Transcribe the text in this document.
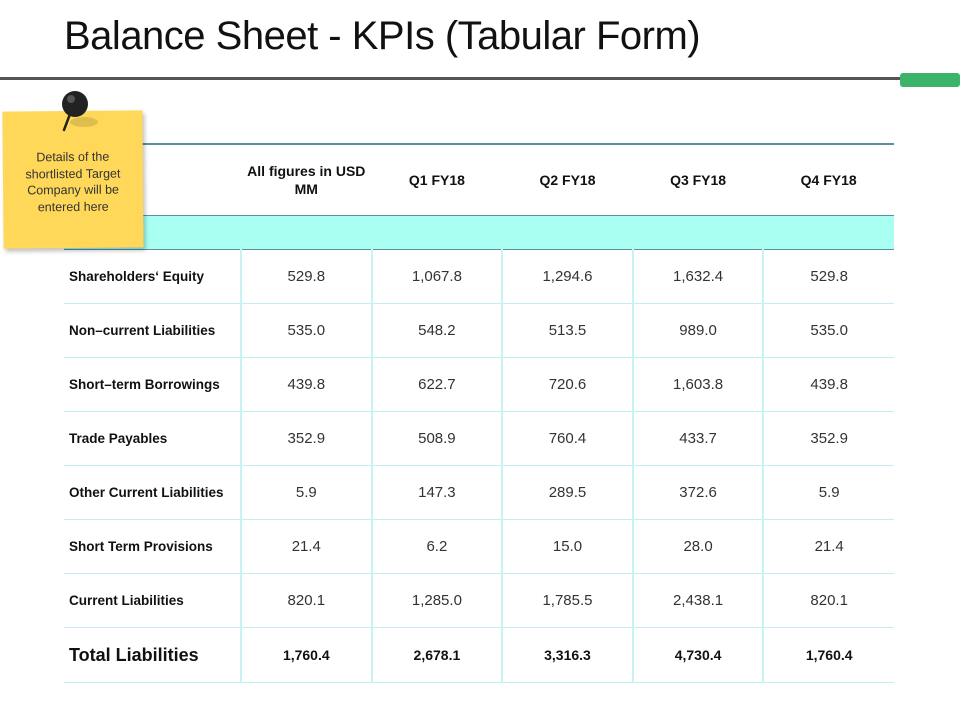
Balance Sheet - KPIs (Tabular Form)
	All figures in USD MM	Q1 FY18	Q2 FY18	Q3 FY18	Q4 FY18

Shareholders‘ Equity	529.8	1,067.8	1,294.6	1,632.4	529.8
Non–current Liabilities	535.0	548.2	513.5	989.0	535.0
Short–term Borrowings	439.8	622.7	720.6	1,603.8	439.8
Trade Payables	352.9	508.9	760.4	433.7	352.9
Other Current Liabilities	5.9	147.3	289.5	372.6	5.9
Short Term Provisions	21.4	6.2	15.0	28.0	21.4
Current Liabilities	820.1	1,285.0	1,785.5	2,438.1	820.1
Total Liabilities	1,760.4	2,678.1	3,316.3	4,730.4	1,760.4
Details of the shortlisted Target Company will be entered here
